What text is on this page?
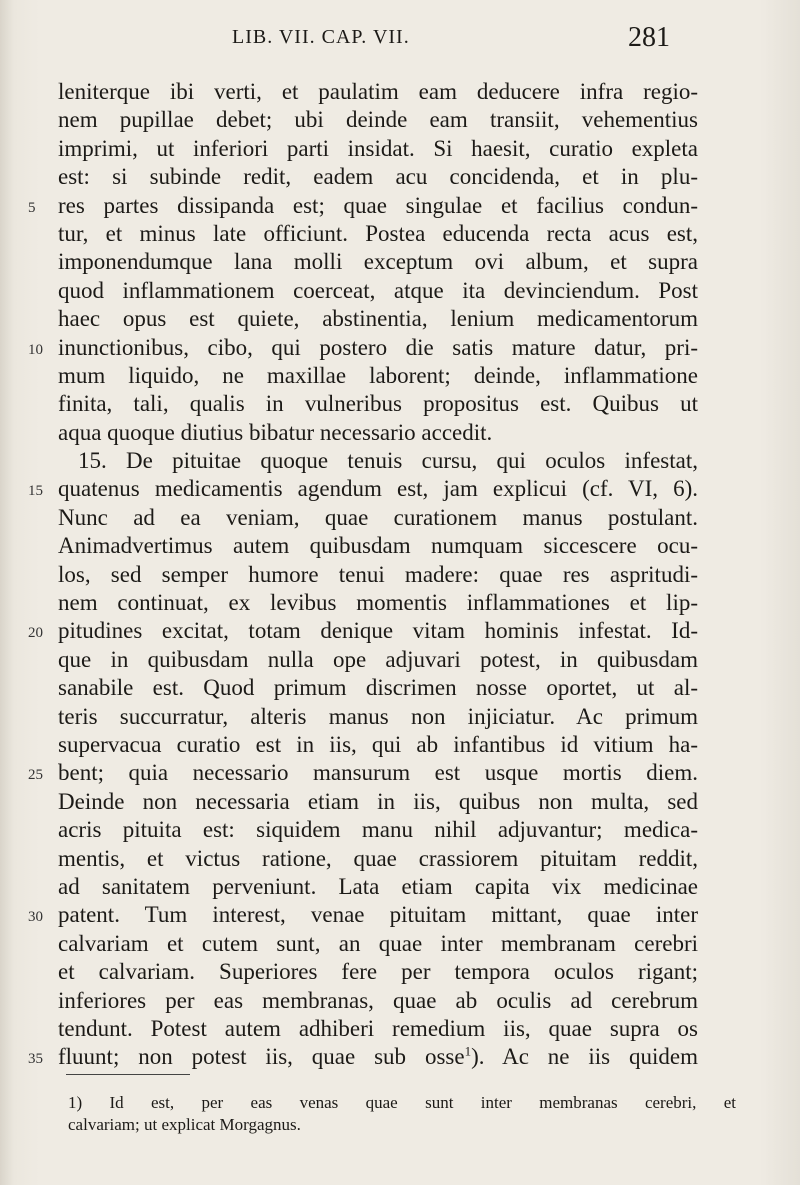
LIB. VII. CAP. VII.	281
leniterque ibi verti, et paulatim eam deducere infra regio-
nem pupillae debet; ubi deinde eam transiit, vehementius
imprimi, ut inferiori parti insidat. Si haesit, curatio expleta
est: si subinde redit, eadem acu concidenda, et in plu-
5 res partes dissipanda est; quae singulae et facilius condun-
tur, et minus late officiunt. Postea educenda recta acus est,
imponendumque lana molli exceptum ovi album, et supra
quod inflammationem coerceat, atque ita devinciendum. Post
haec opus est quiete, abstinentia, lenium medicamentorum
10 inunctionibus, cibo, qui postero die satis mature datur, pri-
mum liquido, ne maxillae laborent; deinde, inflammatione
finita, tali, qualis in vulneribus propositus est. Quibus ut
aqua quoque diutius bibatur necessario accedit.
15. De pituitae quoque tenuis cursu, qui oculos infestat,
15 quatenus medicamentis agendum est, jam explicui (cf. VI, 6).
Nunc ad ea veniam, quae curationem manus postulant.
Animadvertimus autem quibusdam numquam siccescere ocu-
los, sed semper humore tenui madere: quae res aspritudi-
nem continuat, ex levibus momentis inflammationes et lip-
20 pitudines excitat, totam denique vitam hominis infestat. Id-
que in quibusdam nulla ope adjuvari potest, in quibusdam
sanabile est. Quod primum discrimen nosse oportet, ut al-
teris succurratur, alteris manus non injiciatur. Ac primum
supervacua curatio est in iis, qui ab infantibus id vitium ha-
25 bent; quia necessario mansurum est usque mortis diem.
Deinde non necessaria etiam in iis, quibus non multa, sed
acris pituita est: siquidem manu nihil adjuvantur; medica-
mentis, et victus ratione, quae crassiorem pituitam reddit,
ad sanitatem perveniunt. Lata etiam capita vix medicinae
30 patent. Tum interest, venae pituitam mittant, quae inter
calvariam et cutem sunt, an quae inter membranam cerebri
et calvariam. Superiores fere per tempora oculos rigant;
inferiores per eas membranas, quae ab oculis ad cerebrum
tendunt. Potest autem adhiberi remedium iis, quae supra os
35 fluunt; non potest iis, quae sub osse$^1$). Ac ne iis quidem
1) Id est, per eas venas quae sunt inter membranas cerebri, et
calvariam; ut explicat Morgagnus.
